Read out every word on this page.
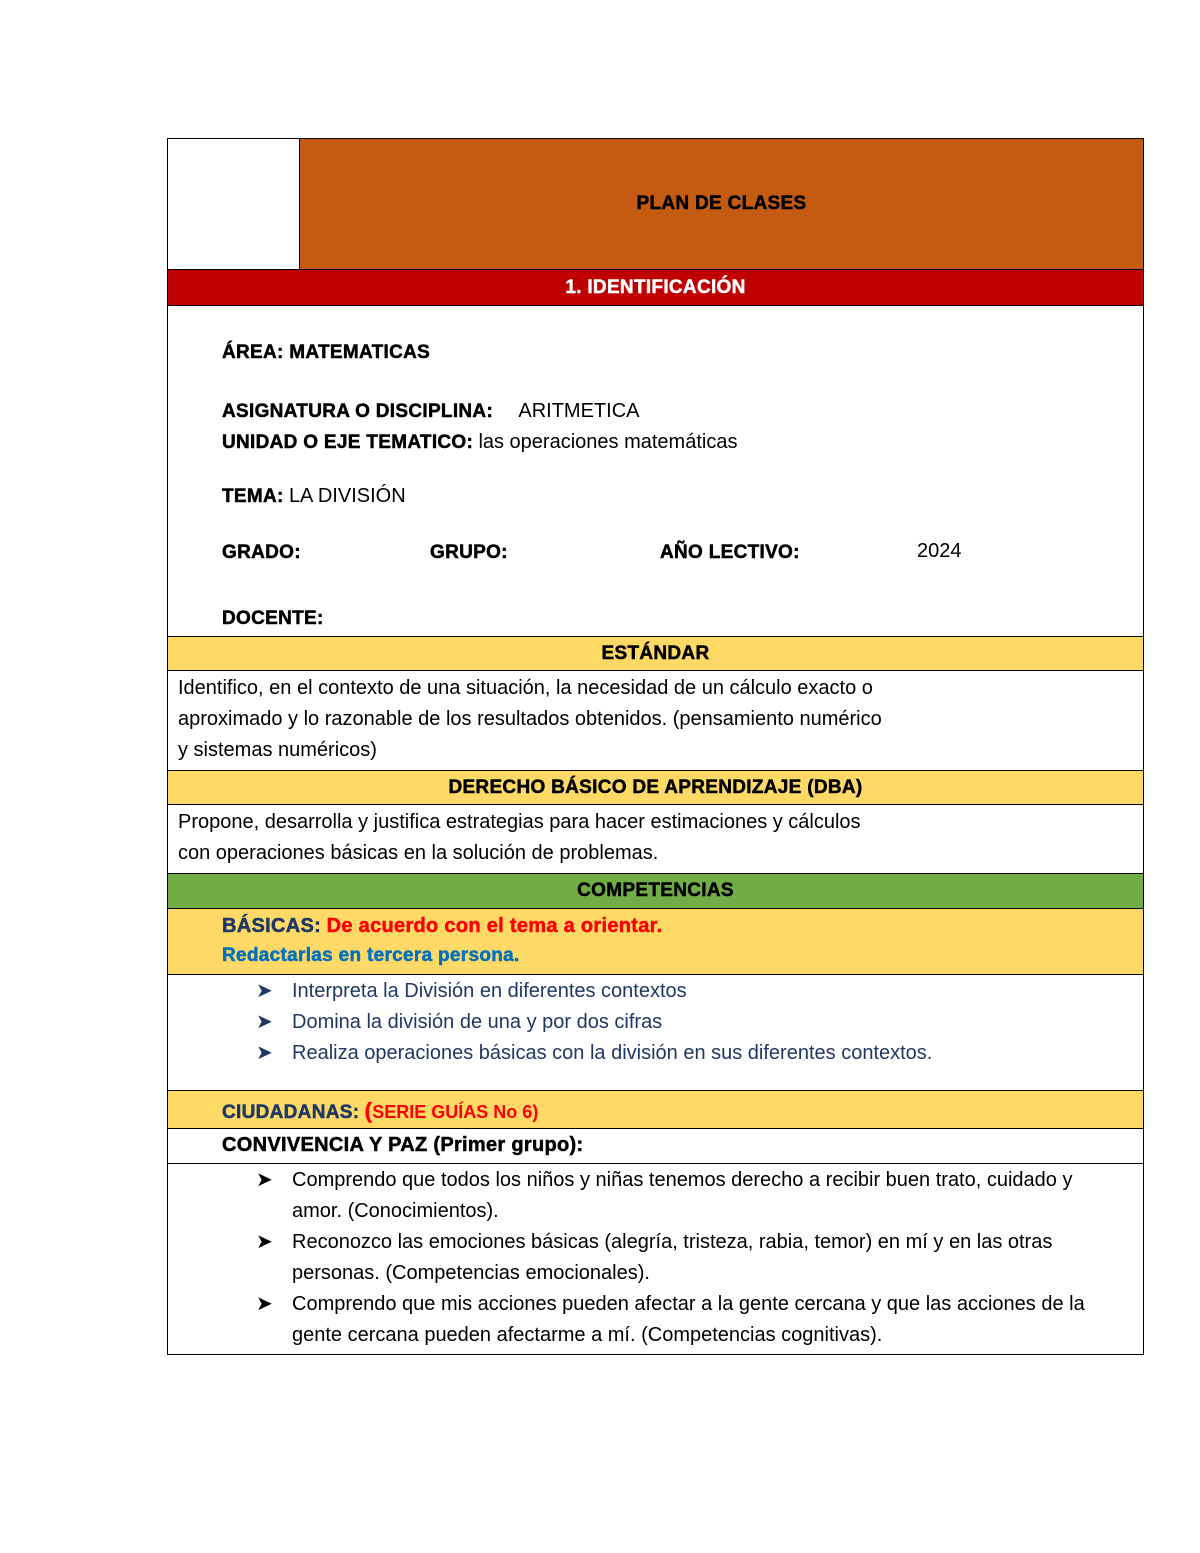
PLAN DE CLASES
1. IDENTIFICACIÓN
ÁREA: MATEMATICAS
ASIGNATURA O DISCIPLINA: ARITMETICA
UNIDAD O EJE TEMATICO: las operaciones matemáticas
TEMA: LA DIVISIÓN
GRADO:	GRUPO:	AÑO LECTIVO:	2024
DOCENTE:
ESTÁNDAR
Identifico, en el contexto de una situación, la necesidad de un cálculo exacto o
aproximado y lo razonable de los resultados obtenidos. (pensamiento numérico
y sistemas numéricos)
DERECHO BÁSICO DE APRENDIZAJE (DBA)
Propone, desarrolla y justifica estrategias para hacer estimaciones y cálculos
con operaciones básicas en la solución de problemas.
COMPETENCIAS
BÁSICAS: De acuerdo con el tema a orientar.
Redactarlas en tercera persona.
➤ Interpreta la División en diferentes contextos
➤ Domina la división de una y por dos cifras
➤ Realiza operaciones básicas con la división en sus diferentes contextos.
CIUDADANAS: (SERIE GUÍAS No 6)
CONVIVENCIA Y PAZ (Primer grupo):
➤ Comprendo que todos los niños y niñas tenemos derecho a recibir buen trato, cuidado y amor. (Conocimientos).
➤ Reconozco las emociones básicas (alegría, tristeza, rabia, temor) en mí y en las otras personas. (Competencias emocionales).
➤ Comprendo que mis acciones pueden afectar a la gente cercana y que las acciones de la gente cercana pueden afectarme a mí. (Competencias cognitivas).
